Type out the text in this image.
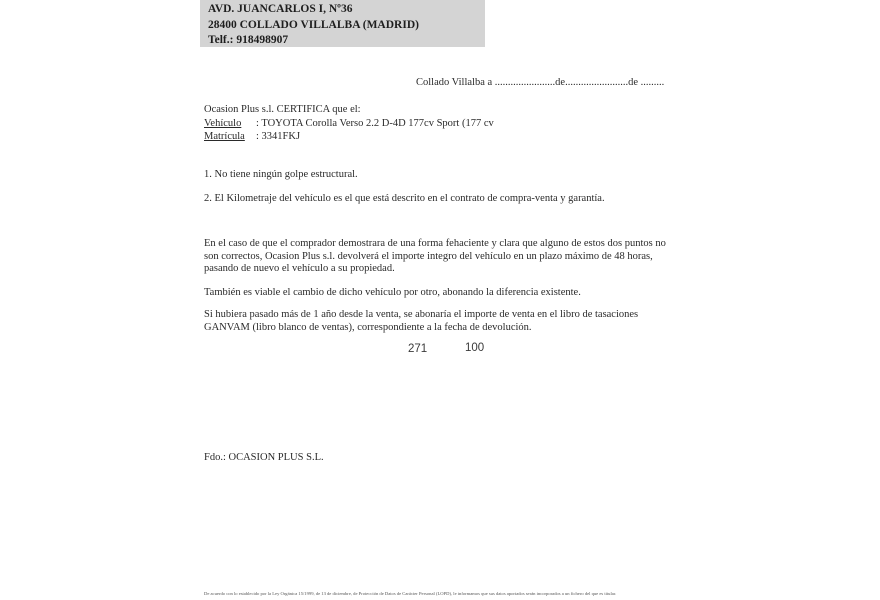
AVD. JUANCARLOS I, Nº36
28400 COLLADO VILLALBA (MADRID)
Telf.: 918498907
Collado Villalba a .......................de........................de .........
Ocasion Plus s.l. CERTIFICA que el:
Vehículo : TOYOTA Corolla Verso 2.2 D-4D 177cv Sport (177 cv
Matrícula : 3341FKJ
1. No tiene ningún golpe estructural.
2. El Kilometraje del vehículo es el que está descrito en el contrato de compra-venta y garantía.
En el caso de que el comprador demostrara de una forma fehaciente y clara que alguno de estos dos puntos no son correctos, Ocasion Plus s.l. devolverá el importe integro del vehículo en un plazo máximo de 48 horas, pasando de nuevo el vehículo a su propiedad.
También es viable el cambio de dicho vehículo por otro, abonando la diferencia existente.
Si hubiera pasado más de 1 año desde la venta, se abonaría el importe de venta en el libro de tasaciones GANVAM (libro blanco de ventas), correspondiente a la fecha de devolución.
271	100
Fdo.: OCASION PLUS S.L.
De acuerdo con lo establecido por la Ley Orgánica 15/1999, de 13 de diciembre, de Protección de Datos de Carácter Personal (LOPD), le informamos que sus datos aportados serán incorporados a un fichero del que es titular.
